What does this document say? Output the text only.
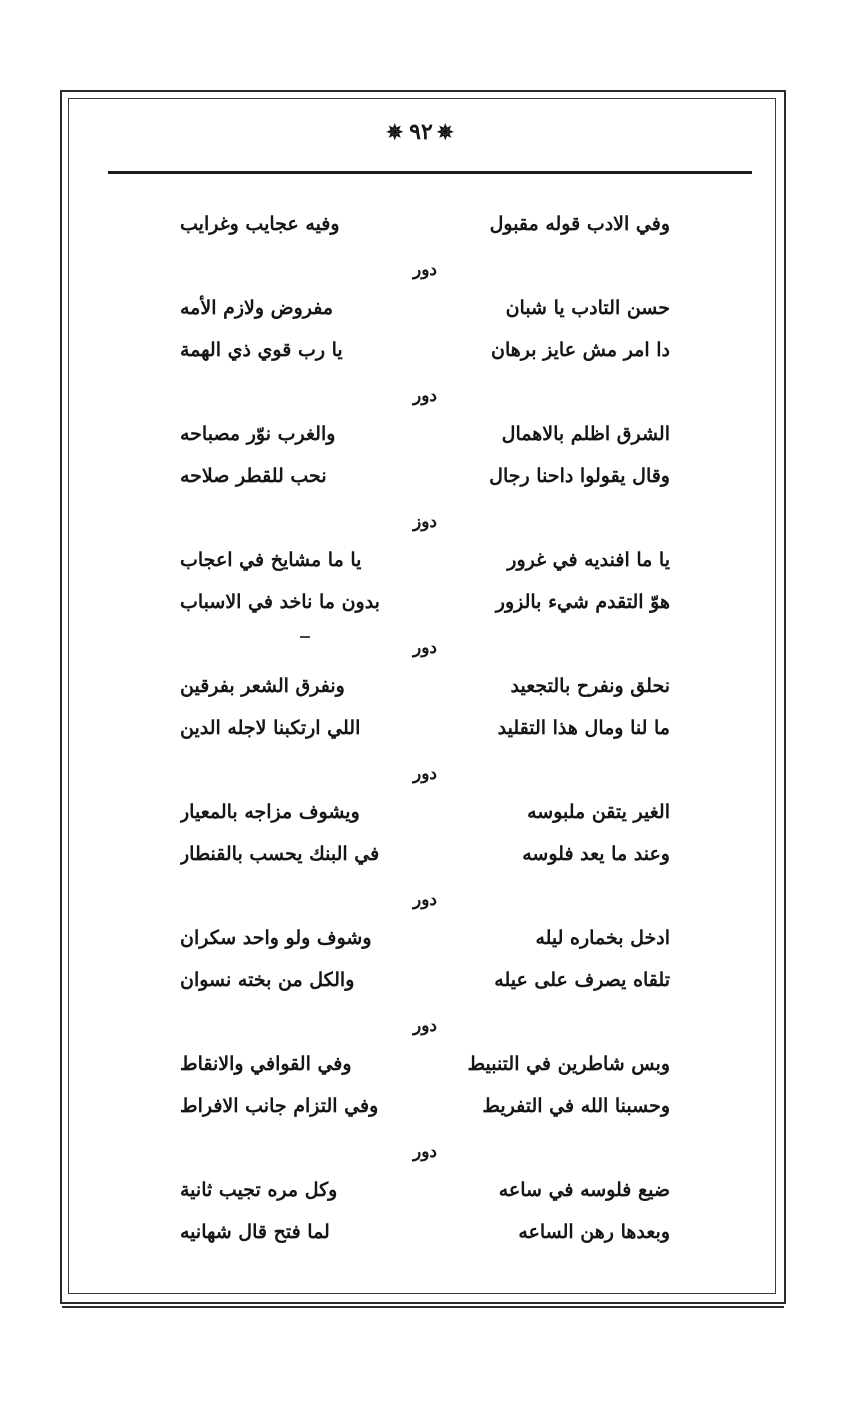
✵ ٩٢ ✵
وفي الادب قوله مقبول
وفيه عجايب وغرايب
دور
حسن التادب يا شبان
مفروض ولازم الأمه
دا امر مش عايز برهان
يا رب قوي ذي الهمة
دور
الشرق اظلم بالاهمال
والغرب نوّر مصباحه
وقال يقولوا داحنا رجال
نحب للقطر صلاحه
دوز
يا ما افنديه في غرور
يا ما مشايخ في اعجاب
هوّ التقدم شيء بالزور
بدون ما ناخد في الاسباب
دور
نحلق ونفرح بالتجعيد
ونفرق الشعر بفرقين
ما لنا ومال هذا التقليد
اللي ارتكبنا لاجله الدين
دور
الغير يتقن ملبوسه
ويشوف مزاجه بالمعيار
وعند ما يعد فلوسه
في البنك يحسب بالقنطار
دور
ادخل بخماره ليله
وشوف ولو واحد سكران
تلقاه يصرف على عيله
والكل من بخته نسوان
دور
وبس شاطرين في التنبيط
وفي القوافي والانقاط
وحسبنا الله في التفريط
وفي التزام جانب الافراط
دور
ضيع فلوسه في ساعه
وكل مره تجيب ثانية
وبعدها رهن الساعه
لما فتح قال شهانيه
